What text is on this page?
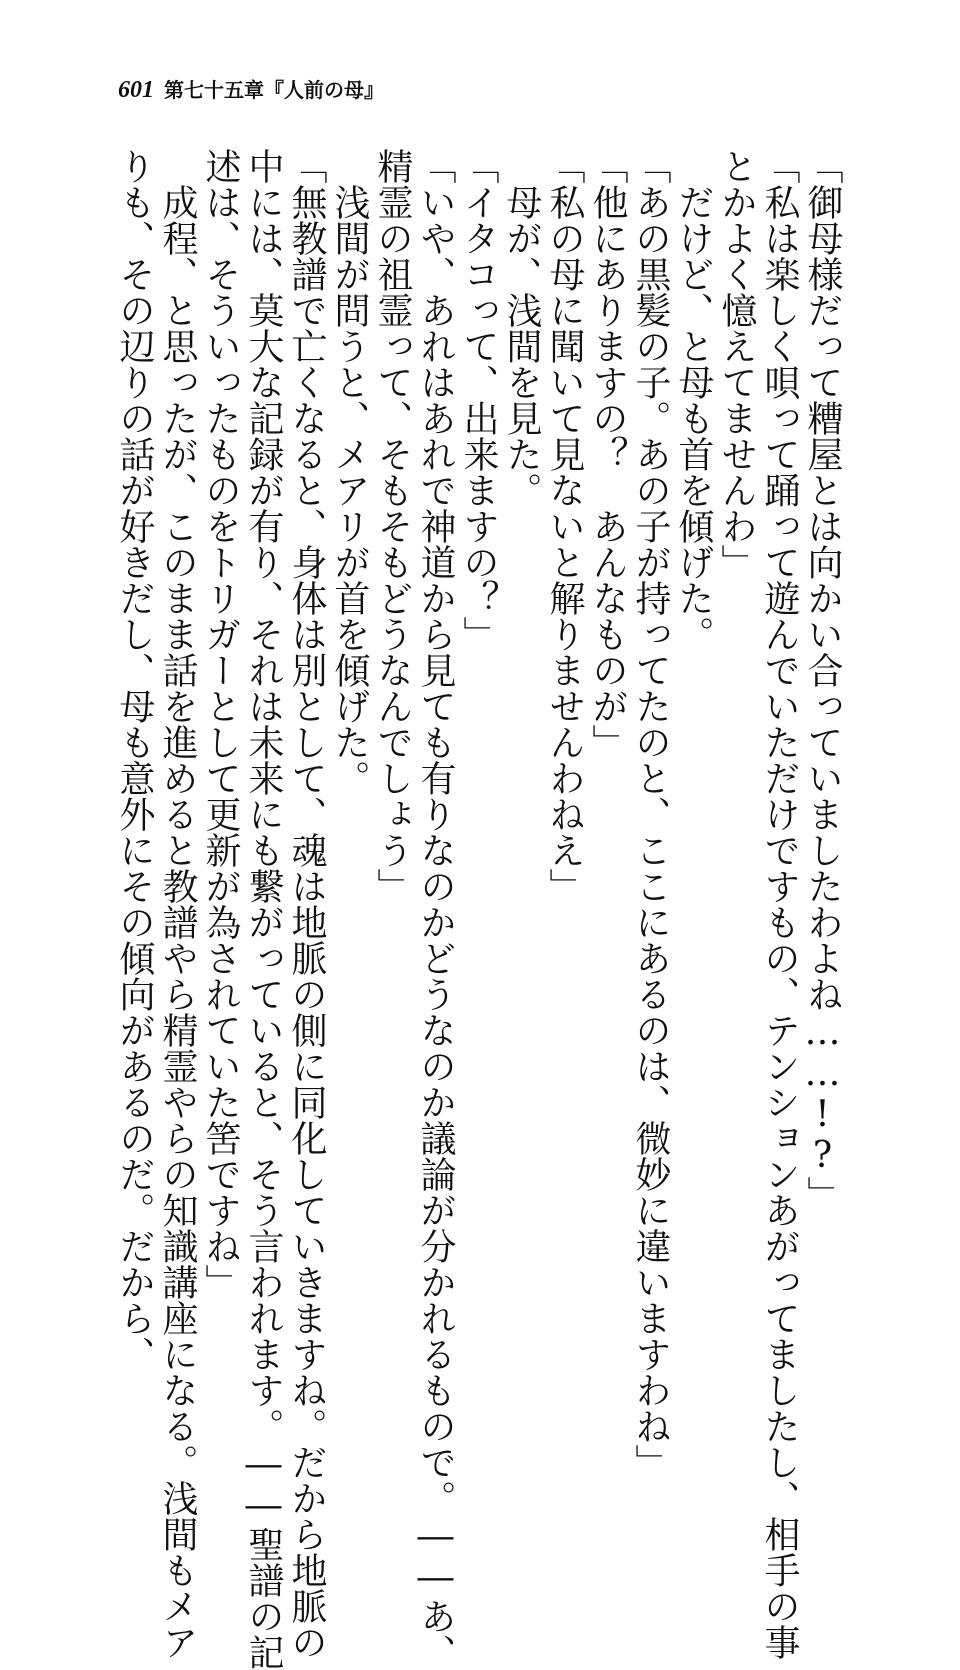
601 第七十五章『人前の母』
「御母様だって糟屋とは向かい合っていましたわよね……!?」
「私は楽しく唄って踊って遊んでいただけですもの、テンションあがってましたし、相手の事
とかよく憶えてませんわ」
だけど、と母も首を傾げた。
「あの黒髪の子。あの子が持ってたのと、ここにあるのは、微妙に違いますわね」
「他にありますの？　あんなものが」
「私の母に聞いて見ないと解りませんわねえ」
母が、浅間を見た。
「イタコって、出来ますの？」
「いや、あれはあれで神道から見ても有りなのかどうなのか議論が分かれるもので。――あ、
精霊の祖霊って、そもそもどうなんでしょう」
浅間が問うと、メアリが首を傾げた。
「無教譜で亡くなると、身体は別として、魂は地脈の側に同化していきますね。だから地脈の
中には、莫大な記録が有り、それは未来にも繋がっていると、そう言われます。――聖譜の記
述は、そういったものをトリガーとして更新が為されていた筈ですね」
成程、と思ったが、このまま話を進めると教譜やら精霊やらの知識講座になる。浅間もメア
りも、その辺りの話が好きだし、母も意外にその傾向があるのだ。だから、
